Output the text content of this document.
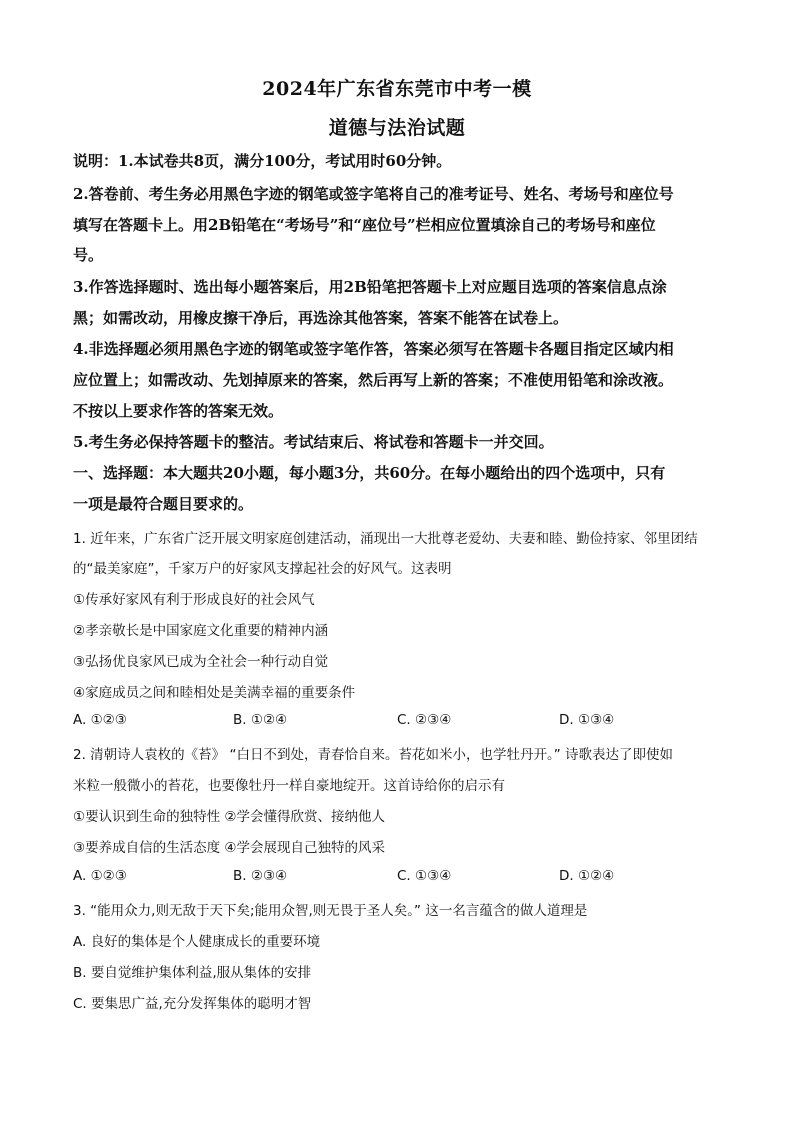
2024年广东省东莞市中考一模
道德与法治试题
说明：1.本试卷共8页，满分100分，考试用时60分钟。
2.答卷前、考生务必用黑色字迹的钢笔或签字笔将自己的准考证号、姓名、考场号和座位号
填写在答题卡上。用2B铅笔在“考场号”和“座位号”栏相应位置填涂自己的考场号和座位
号。
3.作答选择题时、选出每小题答案后，用2B铅笔把答题卡上对应题目选项的答案信息点涂
黑；如需改动，用橡皮擦干净后，再选涂其他答案，答案不能答在试卷上。
4.非选择题必须用黑色字迹的钢笔或签字笔作答，答案必须写在答题卡各题目指定区域内相
应位置上；如需改动、先划掉原来的答案，然后再写上新的答案；不准使用铅笔和涂改液。
不按以上要求作答的答案无效。
5.考生务必保持答题卡的整洁。考试结束后、将试卷和答题卡一并交回。
一、选择题：本大题共20小题，每小题3分，共60分。在每小题给出的四个选项中，只有
一项是最符合题目要求的。
1. 近年来，广东省广泛开展文明家庭创建活动，涌现出一大批尊老爱幼、夫妻和睦、勤俭持家、邻里团结
的“最美家庭”，千家万户的好家风支撑起社会的好风气。这表明
①传承好家风有利于形成良好的社会风气
②孝亲敬长是中国家庭文化重要的精神内涵
③弘扬优良家风已成为全社会一种行动自觉
④家庭成员之间和睦相处是美满幸福的重要条件
A. ①②③	B. ①②④	C. ②③④	D. ①③④
2. 清朝诗人袁枚的《苔》 “白日不到处，青春恰自来。苔花如米小，也学牡丹开。” 诗歌表达了即使如
米粒一般微小的苔花，也要像牡丹一样自豪地绽开。这首诗给你的启示有
①要认识到生命的独特性 ②学会懂得欣赏、接纳他人
③要养成自信的生活态度 ④学会展现自己独特的风采
A. ①②③	B. ②③④	C. ①③④	D. ①②④
3. “能用众力,则无敌于天下矣;能用众智,则无畏于圣人矣。” 这一名言蕴含的做人道理是
A. 良好的集体是个人健康成长的重要环境
B. 要自觉维护集体利益,服从集体的安排
C. 要集思广益,充分发挥集体的聪明才智
